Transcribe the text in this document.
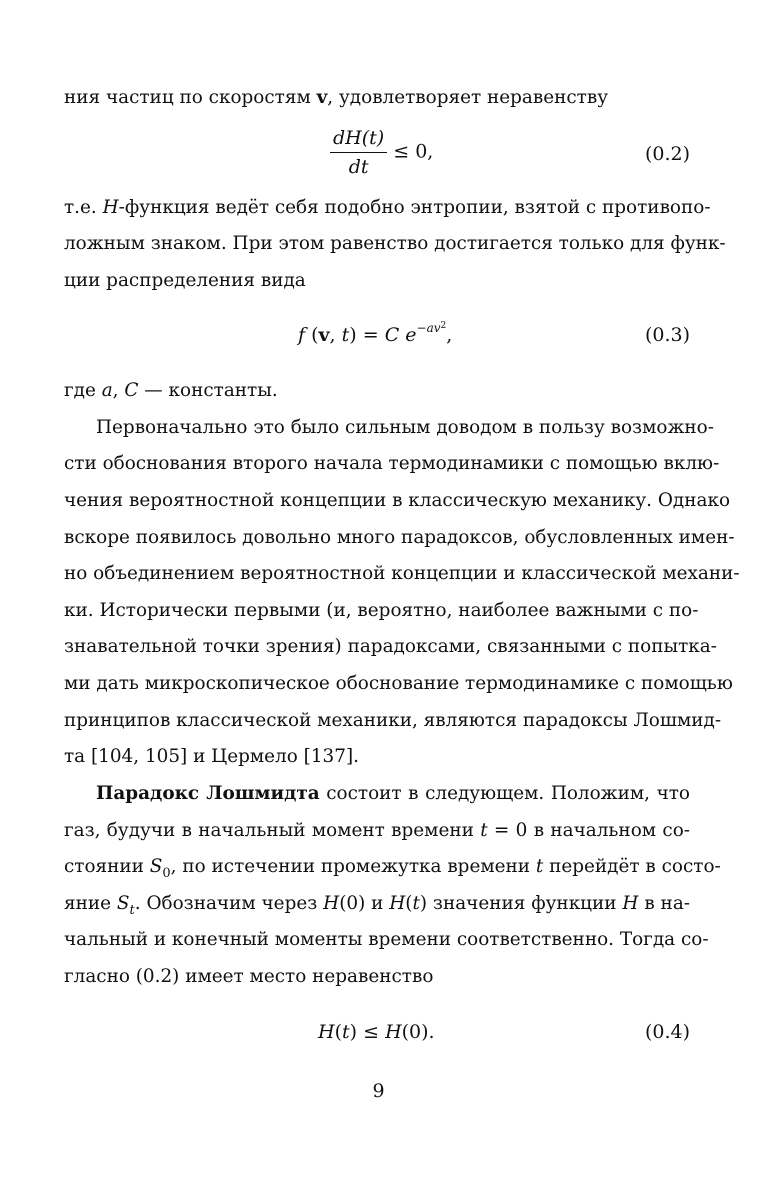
ния частиц по скоростям v, удовлетворяет неравенству
$\frac{dH(t)}{dt} \le 0$,	(0.2)
т.е. H-функция ведёт себя подобно энтропии, взятой с противопо-
ложным знаком. При этом равенство достигается только для функ-
ции распределения вида
f (v, t) = C $e^{-av^2}$,	(0.3)
где a, C — константы.
Первоначально это было сильным доводом в пользу возможно-
сти обоснования второго начала термодинамики с помощью вклю-
чения вероятностной концепции в классическую механику. Однако
вскоре появилось довольно много парадоксов, обусловленных имен-
но объединением вероятностной концепции и классической механи-
ки. Исторически первыми (и, вероятно, наиболее важными с по-
знавательной точки зрения) парадоксами, связанными с попытка-
ми дать микроскопическое обоснование термодинамике с помощью
принципов классической механики, являются парадоксы Лошмид-
та [104, 105] и Цермело [137].
Парадокс Лошмидта состоит в следующем. Положим, что
газ, будучи в начальный момент времени t = 0 в начальном со-
стоянии $S_0$, по истечении промежутка времени t перейдёт в состо-
яние $S_t$. Обозначим через H(0) и H(t) значения функции H в на-
чальный и конечный моменты времени соответственно. Тогда со-
гласно (0.2) имеет место неравенство
H(t) ≤ H(0).	(0.4)
9
